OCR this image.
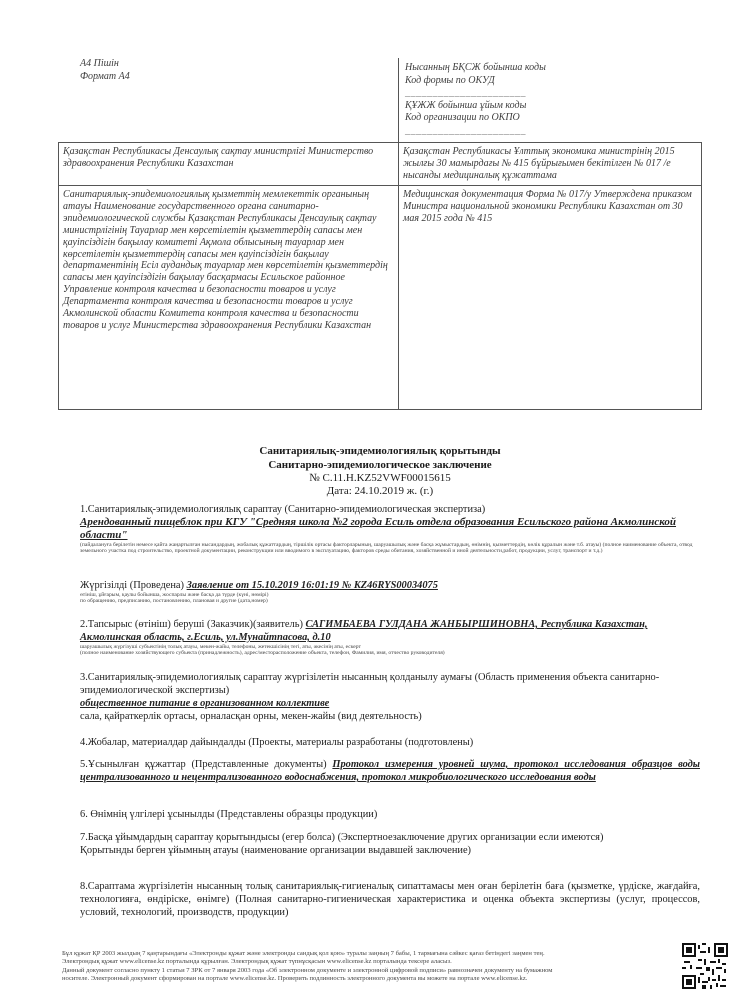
А4 Пішін
Формат А4
Нысанның БҚСЖ бойынша коды
Код формы по ОКУД
______________________
ҚҰЖЖ бойынша ұйым коды
Код организации по ОКПО
______________________
Қазақстан Республикасы Денсаулық сақтау министрлігі Министерство здравоохранения Республики Казахстан
Қазақстан Республикасы Ұлттық экономика министрінің 2015 жылғы 30 мамырдағы № 415 бұйрығымен бекітілген № 017 /е нысанды медициналық құжаттама
Санитариялық-эпидемиологиялық қызметтің мемлекеттік органының атауы Наименование государственного органа санитарно-эпидемиологической службы Қазақстан Республикасы Денсаулық сақтау министрлігінің Тауарлар мен көрсетілетін қызметтердің сапасы мен қауіпсіздігін бақылау комитеті Ақмола облысының тауарлар мен көрсетілетін қызметтердің сапасы мен қауіпсіздігін бақылау департаментінің Есіл аудандық тауарлар мен көрсетілетін қызметтердің сапасы мен қауіпсіздігін бақылау басқармасы Есильское районное Управление контроля качества и безопасности товаров и услуг Департамента контроля качества и безопасности товаров и услуг Акмолинской области Комитета контроля качества и безопасности товаров и услуг Министерства здравоохранения Республики Казахстан
Медицинская документация Форма № 017/у Утверждена приказом Министра национальной экономики Республики Казахстан от 30 мая 2015 года № 415
Санитариялық-эпидемиологиялық қорытынды
Санитарно-эпидемиологическое заключение
№ C.11.H.KZ52VWF00015615
Дата: 24.10.2019 ж. (г.)
1.Санитариялық-эпидемиологиялық сараптау (Санитарно-эпидемиологическая экспертиза)
Арендованный пищеблок при КГУ "Средняя школа №2 города Есиль отдела образования Есильского района Акмолинской области"
(пайдалануға берілетін немесе қайта жаңартылған нысандардың, жобалық құжаттардың, тіршілік ортасы факторларының, шаруашылық және басқа жұмыстардың, өнімнің, қызметтердің, көлік құралын және т.б. атауы) (полное наименование объекта, отвод земельного участка под строительство, проектной документации, реконструкции или вводимого в эксплуатацию, факторов среды обитания, хозяйственной и иной деятельности,работ, продукции, услуг, транспорт и т.д.)
Жүргізілді (Проведена) Заявление от 15.10.2019 16:01:19 № KZ46RYS00034075
өтініш, ұйғарым, қаулы бойынша, жоспарлы және басқа да түрде (күні, нөмірі)
по обращению, предписанию, постановлению, плановая и другие (дата,номер)
2.Тапсырыс (өтініш) беруші (Заказчик)(заявитель) САГИМБАЕВА ГУЛДАНА ЖАНБЫРШИНОВНА, Республика Казахстан, Акмолинская область, г.Есиль, ул.Мунайтпасова, д.10
шаруашылық жүргізуші субъектінің толық атауы, мекен-жайы, телефоны, жетекшісінің тегі, аты, әкесінің аты, ескерт
(полное наименование хозяйствующего субъекта (принадлежность), адрес/месторасположение объекта, телефон, Фамилия, имя, отчество руководителя)
3.Санитариялық-эпидемиологиялық сараптау жүргізілетін нысанның қолданылу аумағы (Область применения объекта санитарно-эпидемиологической экспертизы)
общественное питание в организованном коллективе
сала, қайраткерлік ортасы, орналасқан орны, мекен-жайы (вид деятельность)
4.Жобалар, материалдар дайындалды (Проекты, материалы разработаны (подготовлены)
5.Ұсынылған құжаттар (Представленные документы) Протокол измерения уровней шума, протокол исследования образцов воды централизованного и нецентрализованного водоснабжения, протокол микробиологического исследования воды
6. Өнімнің үлгілері ұсынылды (Представлены образцы продукции)
7.Басқа ұйымдардың сараптау қорытындысы (егер болса) (Экспертноезаключение других организации если имеются)
Қорытынды берген ұйымның атауы (наименование организации выдавшей заключение)
8.Сараптама жүргізілетін нысанның толық санитариялық-гигиеналық сипаттамасы мен оған берілетін баға (қызметке, үрдіске, жағдайға, технологияға, өндіріске, өнімге) (Полная санитарно-гигиеническая характеристика и оценка объекта экспертизы (услуг, процессов, условий, технологий, производств, продукции)
Бұл құжат ҚР 2003 жылдың 7 қаңтарындағы «Электронды құжат және электронды сандық қол қою» туралы заңның 7 бабы, 1 тармағына сәйкес қағаз бетіндегі заңмен тең.
Электрондық құжат www.elicense.kz порталында құрылған. Электрондық құжат түпнұсқасын www.elicense.kz порталында тексере аласыз.
Данный документ согласно пункту 1 статьи 7 ЗРК от 7 января 2003 года «Об электронном документе и электронной цифровой подписи» равнозначен документу на бумажном
носителе. Электронный документ сформирован на портале www.elicense.kz. Проверить подлинность электронного документа вы можете на портале www.elicense.kz.
